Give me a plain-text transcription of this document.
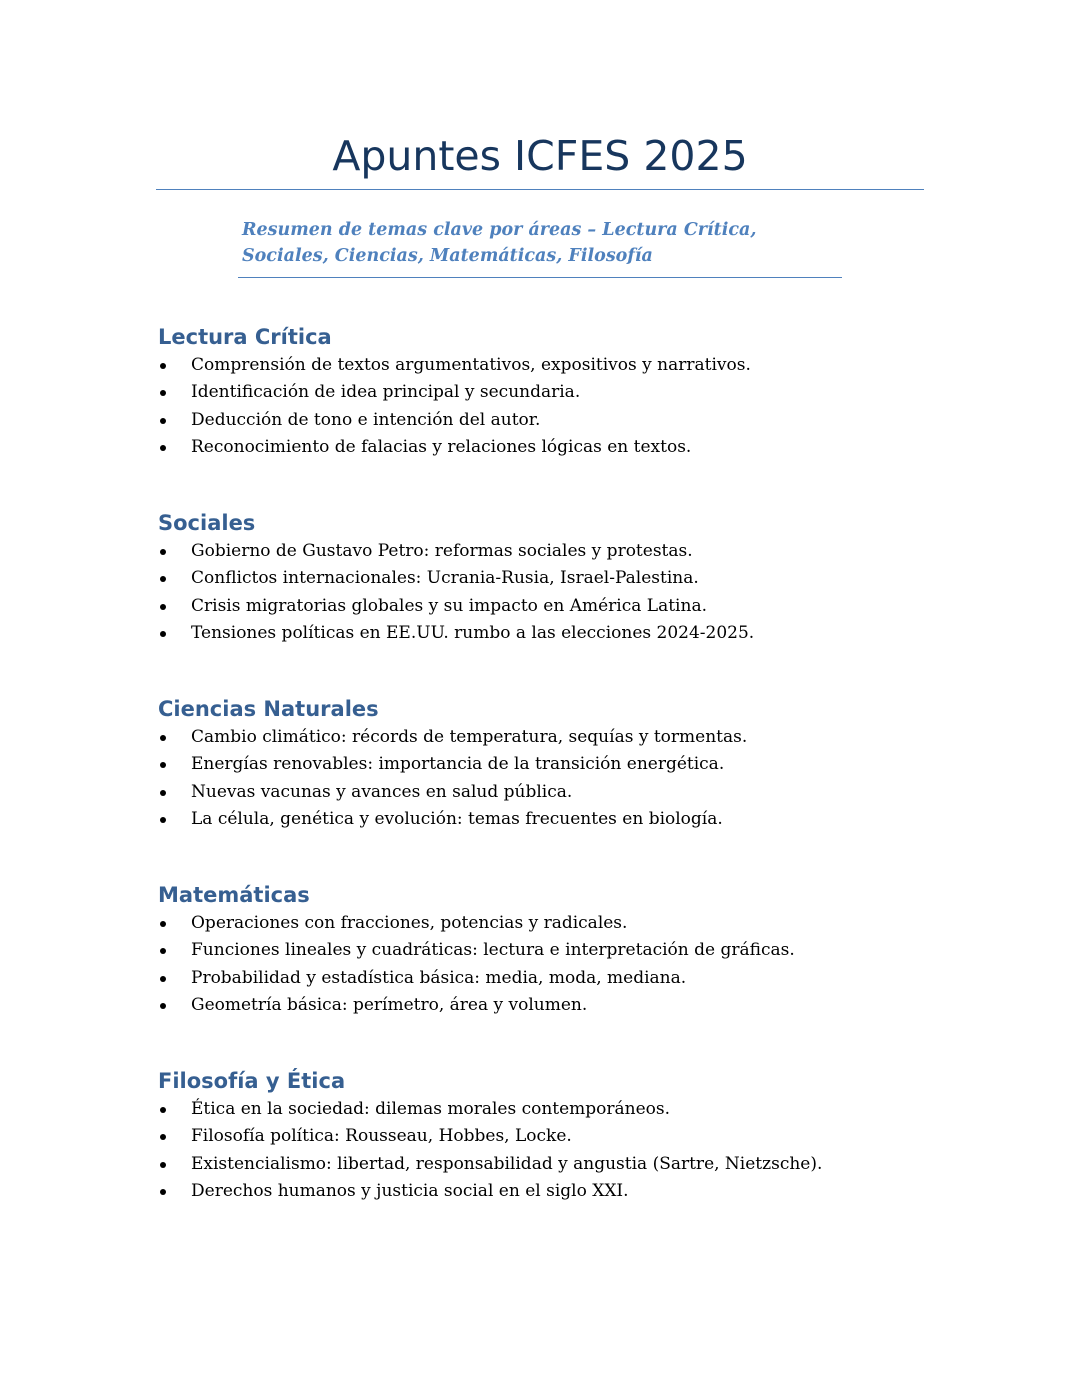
Apuntes ICFES 2025

Resumen de temas clave por áreas – Lectura Crítica, Sociales, Ciencias, Matemáticas, Filosofía

Lectura Crítica
Comprensión de textos argumentativos, expositivos y narrativos.
Identificación de idea principal y secundaria.
Deducción de tono e intención del autor.
Reconocimiento de falacias y relaciones lógicas en textos.
Sociales
Gobierno de Gustavo Petro: reformas sociales y protestas.
Conflictos internacionales: Ucrania-Rusia, Israel-Palestina.
Crisis migratorias globales y su impacto en América Latina.
Tensiones políticas en EE.UU. rumbo a las elecciones 2024-2025.
Ciencias Naturales
Cambio climático: récords de temperatura, sequías y tormentas.
Energías renovables: importancia de la transición energética.
Nuevas vacunas y avances en salud pública.
La célula, genética y evolución: temas frecuentes en biología.
Matemáticas
Operaciones con fracciones, potencias y radicales.
Funciones lineales y cuadráticas: lectura e interpretación de gráficas.
Probabilidad y estadística básica: media, moda, mediana.
Geometría básica: perímetro, área y volumen.
Filosofía y Ética
Ética en la sociedad: dilemas morales contemporáneos.
Filosofía política: Rousseau, Hobbes, Locke.
Existencialismo: libertad, responsabilidad y angustia (Sartre, Nietzsche).
Derechos humanos y justicia social en el siglo XXI.
